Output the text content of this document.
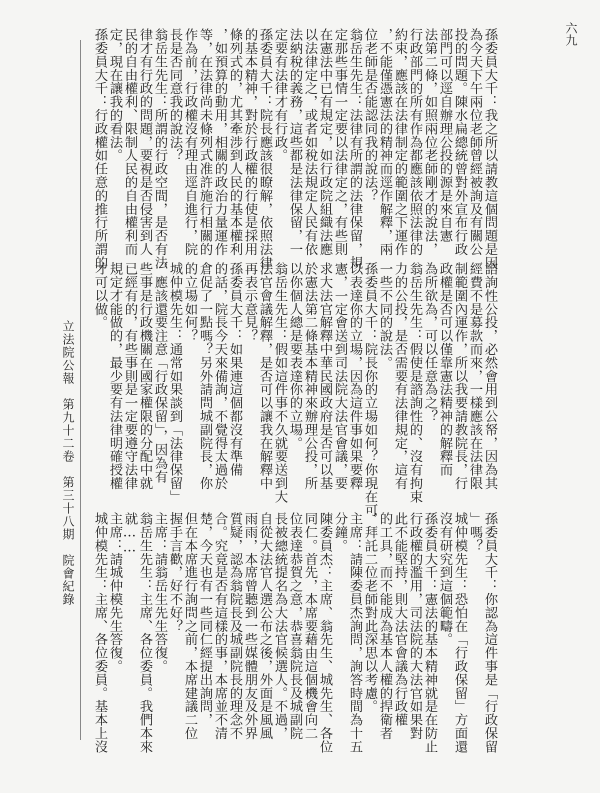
六九
立法院公報　第九十二卷　第三十八期　院會紀錄
孫委員大千：我之所以請教這個問題是因
為今天下午兩位老師曾經被詢及有關公
投的問題。陳水扁總統曾對外宣布行政
部門可以逕自辦理公投的源是來自憲
法第二條，如照兩位老師剛才的說法，
行政部門的所有作為都應該依照法律的
約束，應該在法律制定的範圍之下運作
，不能僅憑憲法的精神而逕作解釋，兩
位老師是否能認同我的說法？
翁岳生先生：法律有所謂的法律保留，規
定那些事情一定要以法律定之，有些則
在憲法中已有規定，如行政院組織法應
以法律定之，或者如稅法規定人民有依
法納稅的義務，這些都是法律保留，一
定要有法律才有行政。
孫委員大千：院長應該很瞭解，依照法律
的基本精神，對於行政權的行使是採用
條列式的，尤其牽涉到人民的基本權利
，如預算的動用，相關的政治力量運作
等，在法律尚未條列式准許施行相關的
作為前，行政權沒有理由逕自進行，院
長是否同意我的說法？
翁岳生先生：所謂的行政空間，是否有法
律才有行政的問題，要視是否侵害到人
民的自由權利、限制人民的自由權利而
定，現在讓我的看法。
孫委員大千：行政權如任意的推行所謂的
諮詢性公投，必然會用到公帑，因為其
經費不是募款而來，一樣應該在法律限
制範圍內運作，所以我要請教院長，行
政權是否可以僅靠憲法精神的解釋而
為所欲為，可以任意為之？
翁岳生先生：假使是諮詢性的、沒有拘束
力的公投，是否需要有法律規定，這有
一些不同的說法。
孫委員大千：院長你的立場如何？你現在可
以表達你的立場，因為這件事如果要釋
憲，一定會送到司法院大法官會議，要
求大法官解釋中華民國政府是否可以基
於憲法第二條基本精神來辦理公投，所
以你個人總是要表達你的立場。
翁岳生先生：假如這件事不久就要送到大
法官會議解釋，是否可以讓我在解釋中
再表示意見？
孫委員大千：如果連這個都沒有準備
的話，院長今天來備詢，不覺得太過於
倉促了一點嗎？另外請問城副院長，你
的立場如何？
城仲模先生：通常如果談到「法律保留」
，應該還要注意「行政保留」，因為有
些事是行政機關在國家權限的分配中就
已經有的，有些事則是一定要遵守法律
規定才能做的，最少要有法律明確授權
才可以做。
孫委員大千：你認為這件事是「行政保留
」嗎？
城仲模先生：恐怕在「行政保留」方面還
沒有研究到這個範疇。
孫委員大千：憲法的基本精神就是在防止
行政權的濫用，司法院的大法官如果對
此不能堅持，則大法官會議為行政權
的工具，而不能成為基本人權的捍衛者
，拜託二位老師對此深思以考慮。
主席：請陳委員杰詢問，詢答時間為十五
分鐘。
陳委員杰：主席、翁先生、城先生、各位
同仁。首先，本席要藉由這個機會向二
位表達恭賀之意，恭喜翁院長及城副院
長被總統提名為大法官候選人。不過，
自從大法官人選公布之後，外面是風風
雨雨，本席曾聽到一些媒體朋友及外界
質疑，認為翁院長及城副院長的理念不
合。究竟是否有這樣的事，本席並不清
楚，今天也有一些同仁經提出詢問，
但在本席進行詢問之前，本席建議二位
握手言歡，好不好？
主席：請翁岳生先生答復。
翁岳生先生：主席、各位委員。我們本來
就……
主席：請城仲模先生答復。
城仲模先生：主席、各位委員。基本上沒
